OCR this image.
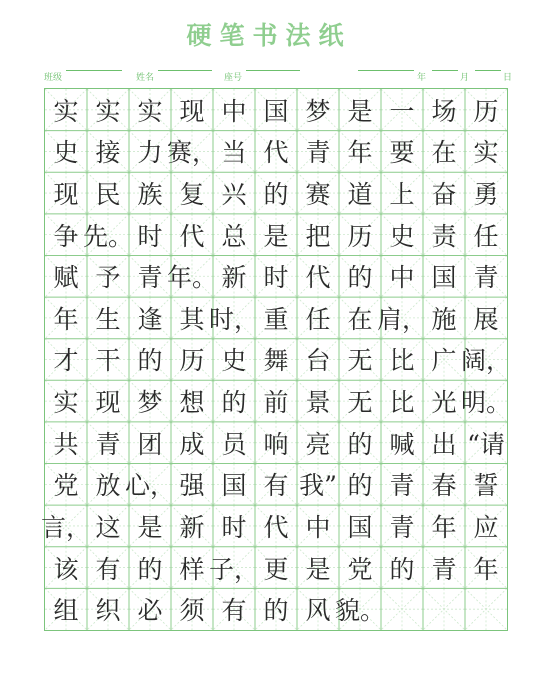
硬笔书法纸
班级	姓名	座号	年	月	日
实 实 实 现 中 国 梦 是 一 场 历
史 接 力 赛， 当 代 青 年 要 在 实
现 民 族 复 兴 的 赛 道 上 奋 勇
争 先。 时 代 总 是 把 历 史 责 任
赋 予 青 年。 新 时 代 的 中 国 青
年 生 逢 其 时， 重 任 在 肩， 施 展
才 干 的 历 史 舞 台 无 比 广 阔，
实 现 梦 想 的 前 景 无 比 光 明。
共 青 团 成 员 响 亮 的 喊 出 “请
党 放 心， 强 国 有 我” 的 青 春 誓
言， 这 是 新 时 代 中 国 青 年 应
该 有 的 样 子， 更 是 党 的 青 年
组 织 必 须 有 的 风 貌。
